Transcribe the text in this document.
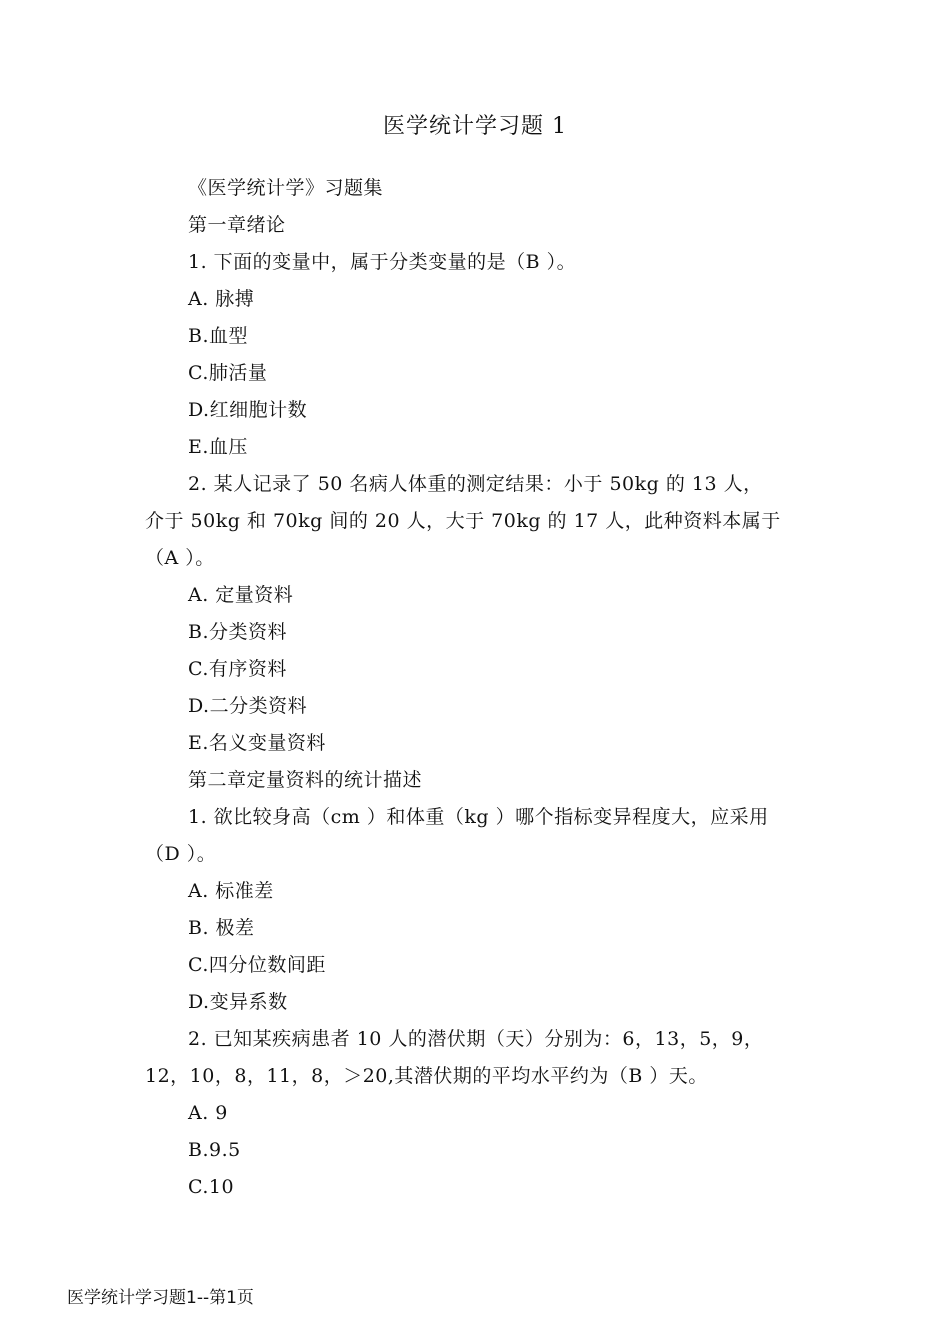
医学统计学习题 1
《医学统计学》习题集
第一章绪论
1. 下面的变量中，属于分类变量的是（B ）。
A. 脉搏
B.血型
C.肺活量
D.红细胞计数
E.血压
2. 某人记录了 50 名病人体重的测定结果：小于 50kg 的 13 人，
介于 50kg 和 70kg 间的 20 人，大于 70kg 的 17 人，此种资料本属于
（A ）。
A. 定量资料
B.分类资料
C.有序资料
D.二分类资料
E.名义变量资料
第二章定量资料的统计描述
1. 欲比较身高（cm ）和体重（kg ）哪个指标变异程度大，应采用
（D ）。
A. 标准差
B. 极差
C.四分位数间距
D.变异系数
2. 已知某疾病患者 10 人的潜伏期（天）分别为：6，13，5，9，
12，10，8，11，8，＞20,其潜伏期的平均水平约为（B ）天。
A. 9
B.9.5
C.10
医学统计学习题1--第1页
